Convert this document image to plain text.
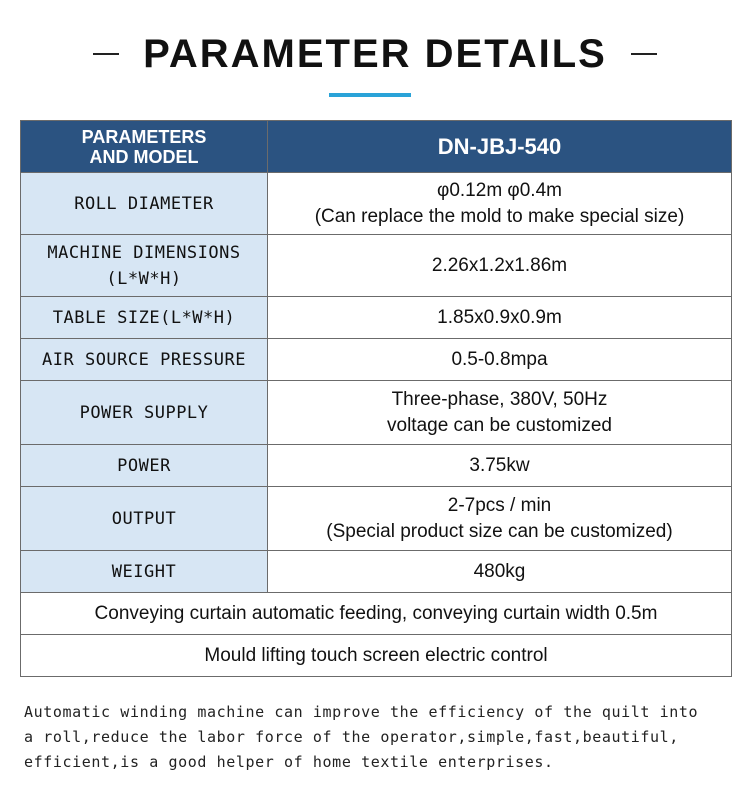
PARAMETER DETAILS
PARAMETERS
AND MODEL	DN-JBJ-540

ROLL DIAMETER	φ0.12m φ0.4m
(Can replace the mold to make special size)

MACHINE DIMENSIONS
(L*W*H)	2.26x1.2x1.86m

TABLE SIZE(L*W*H)	1.85x0.9x0.9m

AIR SOURCE PRESSURE	0.5-0.8mpa

POWER SUPPLY	Three-phase, 380V, 50Hz
voltage can be customized

POWER	3.75kw

OUTPUT	2-7pcs / min
(Special product size can be customized)

WEIGHT	480kg

Conveying curtain automatic feeding, conveying curtain width 0.5m	
Mould lifting touch screen electric control	
Automatic winding machine can improve the efficiency of the quilt into
a roll,reduce the labor force of the operator,simple,fast,beautiful,
efficient,is a good helper of home textile enterprises.
